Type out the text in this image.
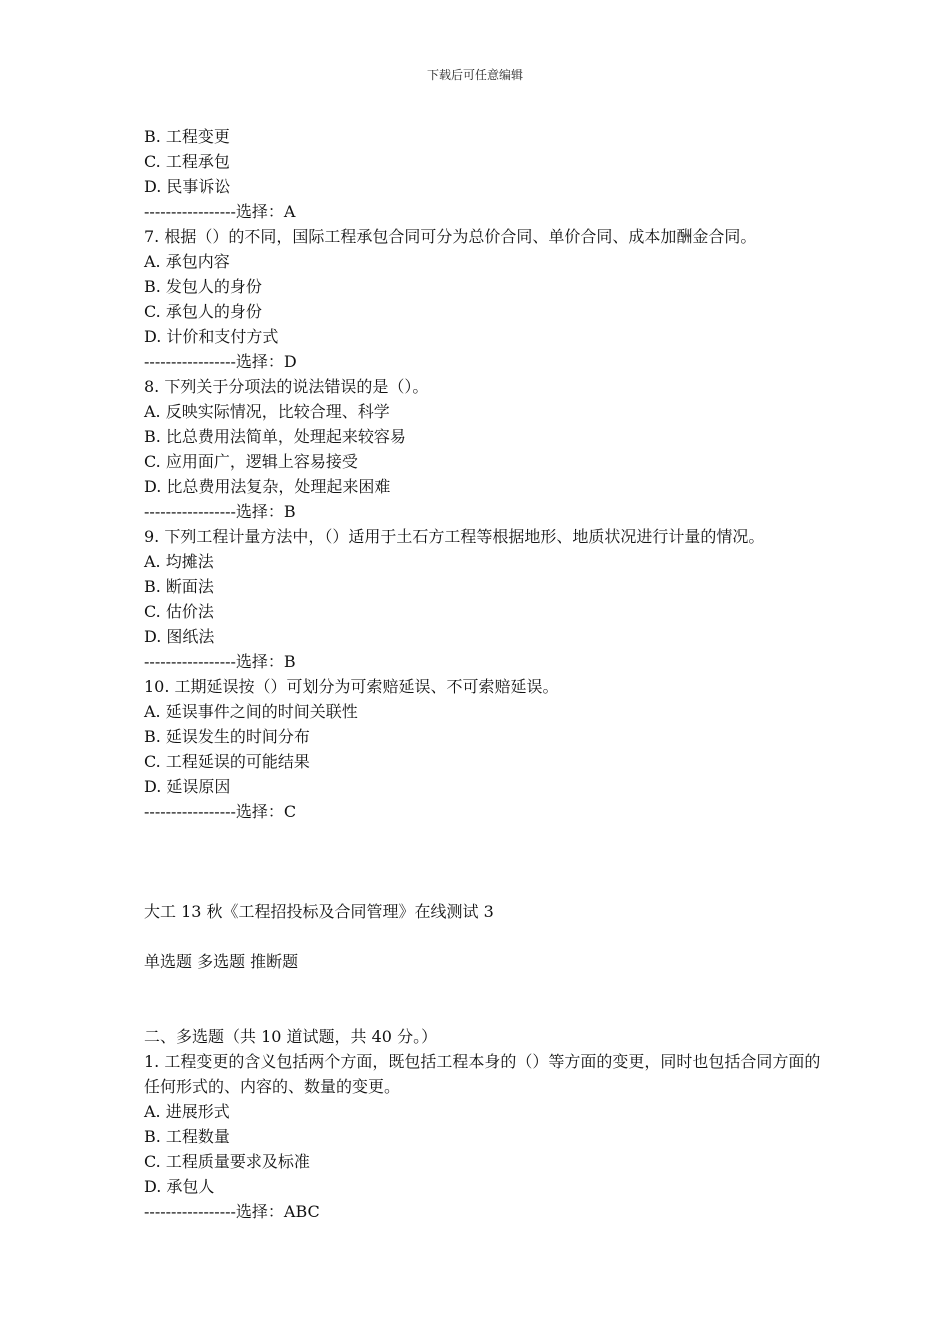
下载后可任意编辑
B. 工程变更
C. 工程承包
D. 民事诉讼
-----------------选择：A
7. 根据（）的不同，国际工程承包合同可分为总价合同、单价合同、成本加酬金合同。
A. 承包内容
B. 发包人的身份
C. 承包人的身份
D. 计价和支付方式
-----------------选择：D
8. 下列关于分项法的说法错误的是（）。
A. 反映实际情况，比较合理、科学
B. 比总费用法简单，处理起来较容易
C. 应用面广，逻辑上容易接受
D. 比总费用法复杂，处理起来困难
-----------------选择：B
9. 下列工程计量方法中，（）适用于土石方工程等根据地形、地质状况进行计量的情况。
A. 均摊法
B. 断面法
C. 估价法
D. 图纸法
-----------------选择：B
10. 工期延误按（）可划分为可索赔延误、不可索赔延误。
A. 延误事件之间的时间关联性
B. 延误发生的时间分布
C. 工程延误的可能结果
D. 延误原因
-----------------选择：C
大工 13 秋《工程招投标及合同管理》在线测试 3
单选题 多选题 推断题
二、多选题（共 10 道试题，共 40 分。）
1. 工程变更的含义包括两个方面，既包括工程本身的（）等方面的变更，同时也包括合同方面的任何形式的、内容的、数量的变更。
A. 进展形式
B. 工程数量
C. 工程质量要求及标准
D. 承包人
-----------------选择：ABC
